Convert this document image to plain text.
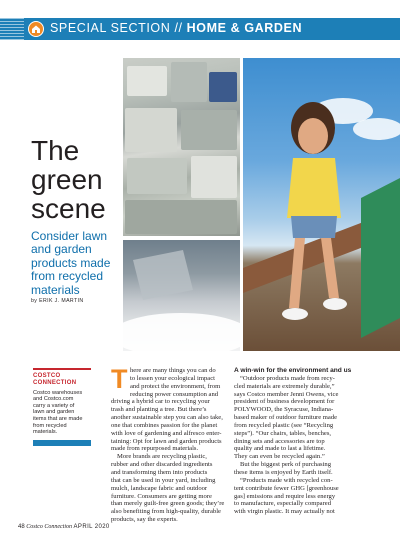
SPECIAL SECTION // HOME & GARDEN
The
green
scene
Consider lawn
and garden
products made
from recycled
materials
by ERIK J. MARTIN
COSTCO
CONNECTION
Costco warehouses
and Costco.com
carry a variety of
lawn and garden
items that are made
from recycled
materials.
T here are many things you can do
to lessen your ecological impact
and protect the environment, from
reducing power consumption and
driving a hybrid car to recycling your
trash and planting a tree. But there’s
another sustainable step you can also take,
one that combines passion for the planet
with love of gardening and alfresco enter-
taining: Opt for lawn and garden products
made from repurposed materials.
More brands are recycling plastic,
rubber and other discarded ingredients
and transforming them into products
that can be used in your yard, including
mulch, landscape fabric and outdoor
furniture. Consumers are getting more
than merely guilt-free green goods; they’re
also benefiting from high-quality, durable
products, say the experts.
A win-win for the environment and us
“Outdoor products made from recy-
cled materials are extremely durable,”
says Costco member Jenni Owens, vice
president of business development for
POLYWOOD, the Syracuse, Indiana-
based maker of outdoor furniture made
from recycled plastic (see “Recycling
steps”). “Our chairs, tables, benches,
dining sets and accessories are top
quality and made to last a lifetime.
They can even be recycled again.”
But the biggest perk of purchasing
these items is enjoyed by Earth itself.
“Products made with recycled con-
tent contribute fewer GHG [greenhouse
gas] emissions and require less energy
to manufacture, especially compared
with virgin plastic. It may actually not
48 Costco Connection APRIL 2020
